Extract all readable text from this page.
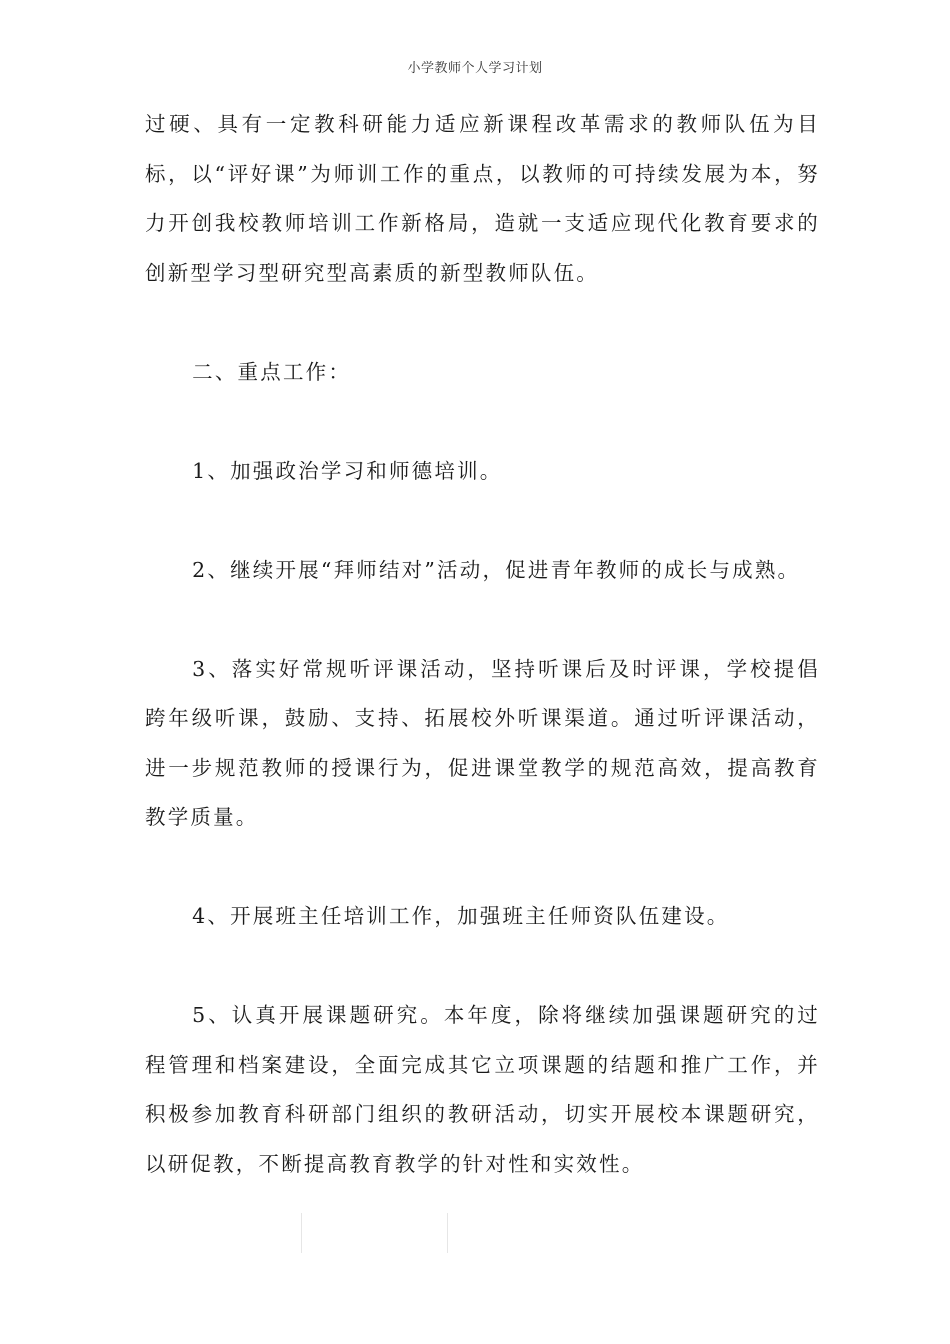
小学教师个人学习计划

过硬、具有一定教科研能力适应新课程改革需求的教师队伍为目标，以“评好课”为师训工作的重点，以教师的可持续发展为本，努力开创我校教师培训工作新格局，造就一支适应现代化教育要求的创新型学习型研究型高素质的新型教师队伍。

二、重点工作：

1、加强政治学习和师德培训。

2、继续开展“拜师结对”活动，促进青年教师的成长与成熟。

3、落实好常规听评课活动，坚持听课后及时评课，学校提倡跨年级听课，鼓励、支持、拓展校外听课渠道。通过听评课活动，进一步规范教师的授课行为，促进课堂教学的规范高效，提高教育教学质量。

4、开展班主任培训工作，加强班主任师资队伍建设。

5、认真开展课题研究。本年度，除将继续加强课题研究的过程管理和档案建设，全面完成其它立项课题的结题和推广工作，并积极参加教育科研部门组织的教研活动，切实开展校本课题研究，以研促教，不断提高教育教学的针对性和实效性。
